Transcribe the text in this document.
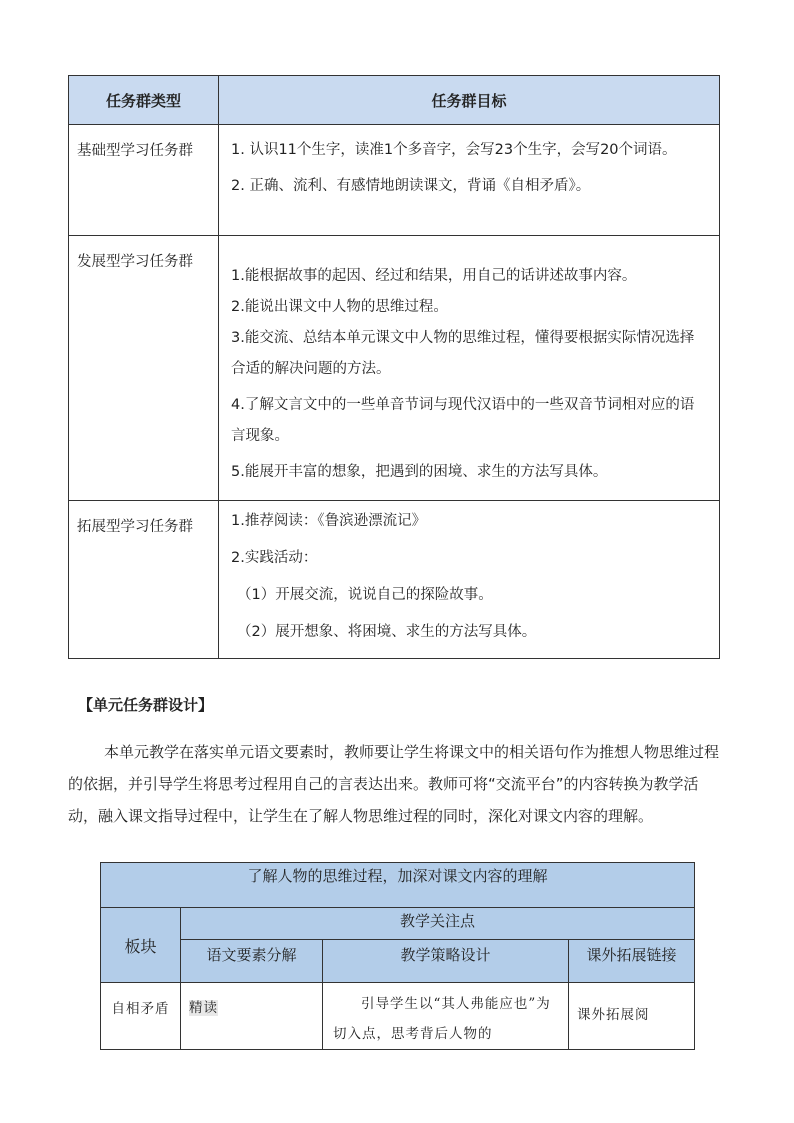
任务群类型	任务群目标
基础型学习任务群	1. 认识11个生字，读准1个多音字，会写23个生字，会写20个词语。

2. 正确、流利、有感情地朗读课文，背诵《自相矛盾》。

发展型学习任务群	1.能根据故事的起因、经过和结果，用自己的话讲述故事内容。

2.能说出课文中人物的思维过程。

3.能交流、总结本单元课文中人物的思维过程，懂得要根据实际情况选择合适的解决问题的方法。

4.了解文言文中的一些单音节词与现代汉语中的一些双音节词相对应的语言现象。

5.能展开丰富的想象，把遇到的困境、求生的方法写具体。

拓展型学习任务群	1.推荐阅读：《鲁滨逊漂流记》

2.实践活动：

（1）开展交流，说说自己的探险故事。

（2）展开想象、将困境、求生的方法写具体。

【单元任务群设计】

本单元教学在落实单元语文要素时，教师要让学生将课文中的相关语句作为推想人物思维过程的依据，并引导学生将思考过程用自己的言表达出来。教师可将“交流平台”的内容转换为教学活动，融入课文指导过程中，让学生在了解人物思维过程的同时，深化对课文内容的理解。

了解人物的思维过程，加深对课文内容的理解			
板块	教学关注点		
	语文要素分解	教学策略设计	课外拓展链接
自相矛盾	精读	引导学生以“其人弗能应也”为切入点，思考背后人物的	课外拓展阅
